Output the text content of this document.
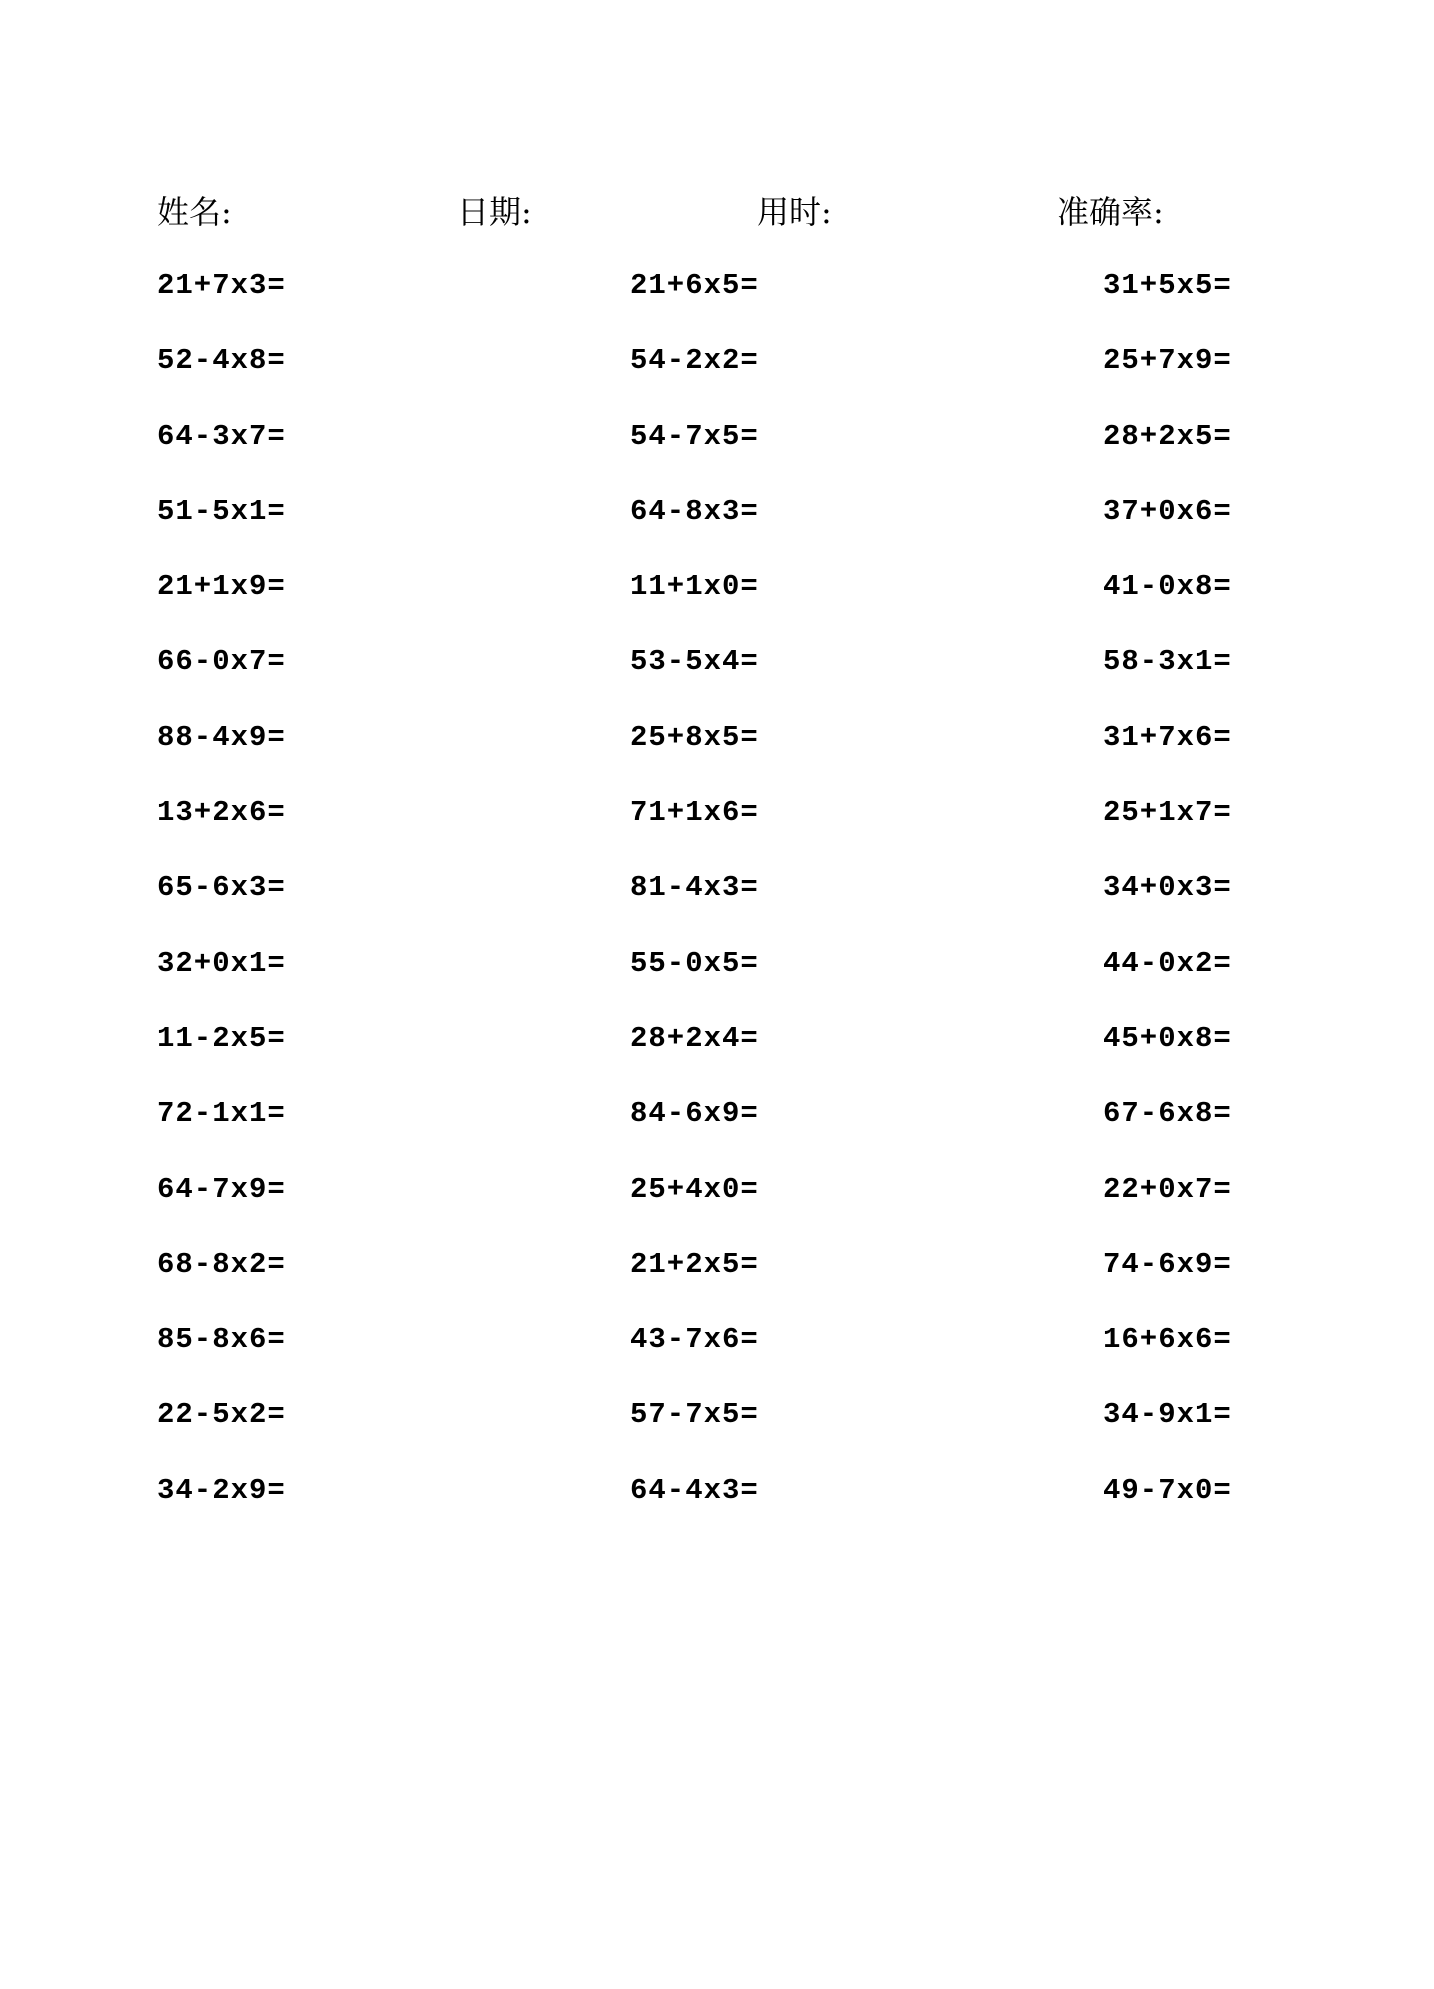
姓名:	日期:	用时:	准确率:
21+7x3=	21+6x5=	31+5x5=
52-4x8=	54-2x2=	25+7x9=
64-3x7=	54-7x5=	28+2x5=
51-5x1=	64-8x3=	37+0x6=
21+1x9=	11+1x0=	41-0x8=
66-0x7=	53-5x4=	58-3x1=
88-4x9=	25+8x5=	31+7x6=
13+2x6=	71+1x6=	25+1x7=
65-6x3=	81-4x3=	34+0x3=
32+0x1=	55-0x5=	44-0x2=
11-2x5=	28+2x4=	45+0x8=
72-1x1=	84-6x9=	67-6x8=
64-7x9=	25+4x0=	22+0x7=
68-8x2=	21+2x5=	74-6x9=
85-8x6=	43-7x6=	16+6x6=
22-5x2=	57-7x5=	34-9x1=
34-2x9=	64-4x3=	49-7x0=
